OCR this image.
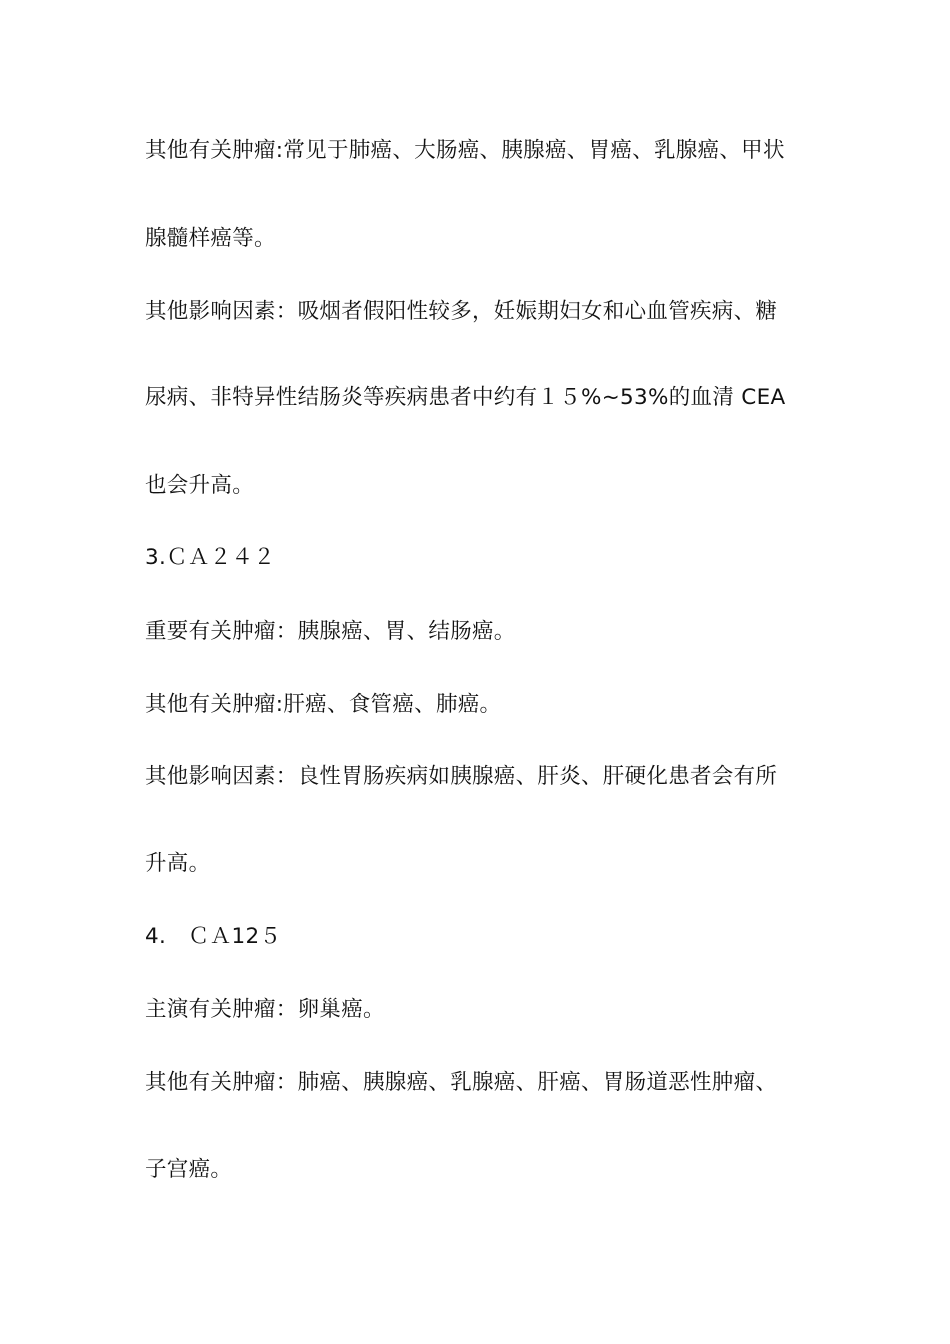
其他有关肿瘤:常见于肺癌、大肠癌、胰腺癌、胃癌、乳腺癌、甲状
腺髓样癌等。
其他影响因素：吸烟者假阳性较多，妊娠期妇女和心血管疾病、糖
尿病、非特异性结肠炎等疾病患者中约有１５%~53%的血清 CEA
也会升高。
3.ＣＡ２４２
重要有关肿瘤：胰腺癌、胃、结肠癌。
其他有关肿瘤:肝癌、食管癌、肺癌。
其他影响因素：良性胃肠疾病如胰腺癌、肝炎、肝硬化患者会有所
升高。
4.　ＣＡ12５
主演有关肿瘤：卵巢癌。
其他有关肿瘤：肺癌、胰腺癌、乳腺癌、肝癌、胃肠道恶性肿瘤、
子宫癌。
